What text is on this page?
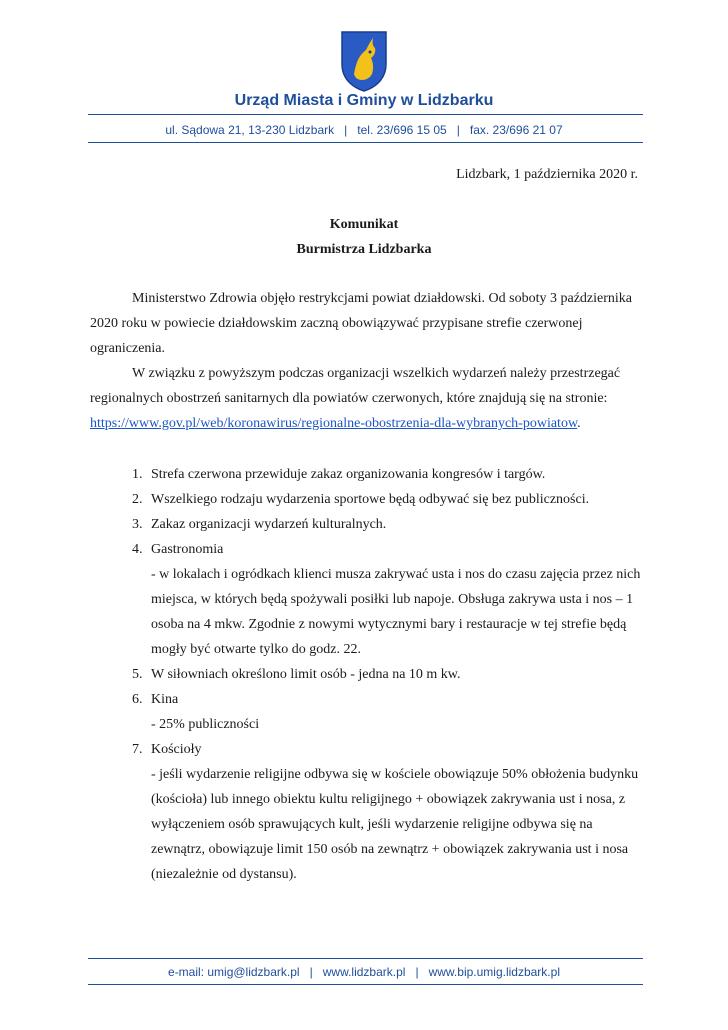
Urząd Miasta i Gminy w Lidzbarku
ul. Sądowa 21, 13-230 Lidzbark | tel. 23/696 15 05 | fax. 23/696 21 07
Lidzbark, 1 października 2020 r.
Komunikat
Burmistrza Lidzbarka

Ministerstwo Zdrowia objęło restrykcjami powiat działdowski. Od soboty 3 października 2020 roku w powiecie działdowskim zaczną obowiązywać przypisane strefie czerwonej ograniczenia.

W związku z powyższym podczas organizacji wszelkich wydarzeń należy przestrzegać regionalnych obostrzeń sanitarnych dla powiatów czerwonych, które znajdują się na stronie: https://www.gov.pl/web/koronawirus/regionalne-obostrzenia-dla-wybranych-powiatow.

1. Strefa czerwona przewiduje zakaz organizowania kongresów i targów.
2. Wszelkiego rodzaju wydarzenia sportowe będą odbywać się bez publiczności.
3. Zakaz organizacji wydarzeń kulturalnych.
4. Gastronomia
- w lokalach i ogródkach klienci musza zakrywać usta i nos do czasu zajęcia przez nich miejsca, w których będą spożywali posiłki lub napoje. Obsługa zakrywa usta i nos – 1 osoba na 4 mkw. Zgodnie z nowymi wytycznymi bary i restauracje w tej strefie będą mogły być otwarte tylko do godz. 22.
5. W siłowniach określono limit osób - jedna na 10 m kw.
6. Kina
- 25% publiczności
7. Kościoły
- jeśli wydarzenie religijne odbywa się w kościele obowiązuje 50% obłożenia budynku (kościoła) lub innego obiektu kultu religijnego + obowiązek zakrywania ust i nosa, z wyłączeniem osób sprawujących kult, jeśli wydarzenie religijne odbywa się na zewnątrz, obowiązuje limit 150 osób na zewnątrz + obowiązek zakrywania ust i nosa (niezależnie od dystansu).
e-mail: umig@lidzbark.pl | www.lidzbark.pl | www.bip.umig.lidzbark.pl
